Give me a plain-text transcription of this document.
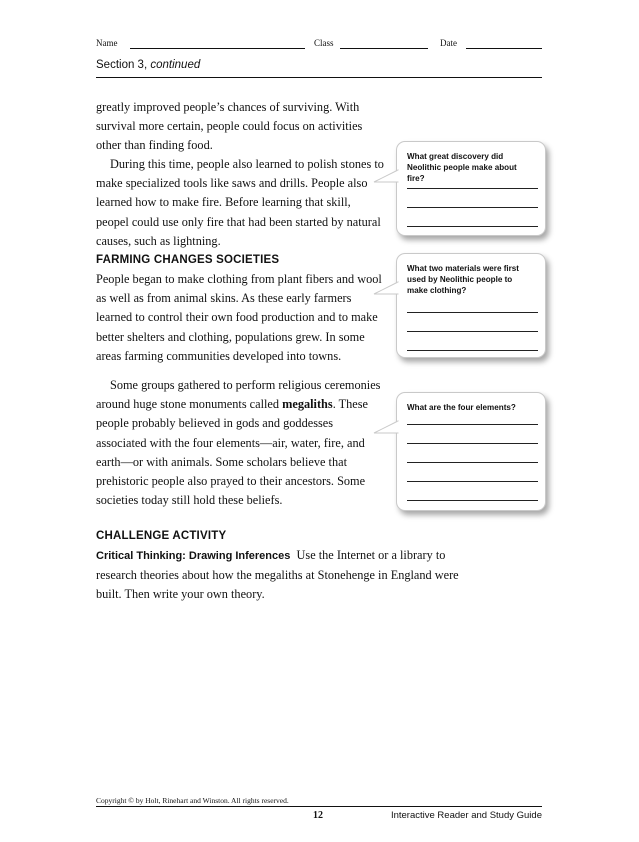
Name	Class	Date
Section 3, continued

greatly improved people’s chances of surviving. With survival more certain, people could focus on activities other than finding food.

During this time, people also learned to polish stones to make specialized tools like saws and drills. People also learned how to make fire. Before learning that skill, peopel could use only fire that had been started by natural causes, such as lightning.

FARMING CHANGES SOCIETIES

People began to make clothing from plant fibers and wool as well as from animal skins. As these early farmers learned to control their own food production and to make better shelters and clothing, populations grew. In some areas farming communities developed into towns.

Some groups gathered to perform religious ceremonies around huge stone monuments called megaliths. These people probably believed in gods and goddesses associated with the four elements—air, water, fire, and earth—or with animals. Some scholars believe that prehistoric people also prayed to their ancestors. Some societies today still hold these beliefs.

What great discovery did Neolithic people make about fire?
What two materials were first used by Neolithic people to make clothing?
What are the four elements?
CHALLENGE ACTIVITY

Critical Thinking: Drawing Inferences Use the Internet or a library to research theories about how the megaliths at Stonehenge in England were built. Then write your own theory.

Copyright © by Holt, Rinehart and Winston. All rights reserved.
12	Interactive Reader and Study Guide
